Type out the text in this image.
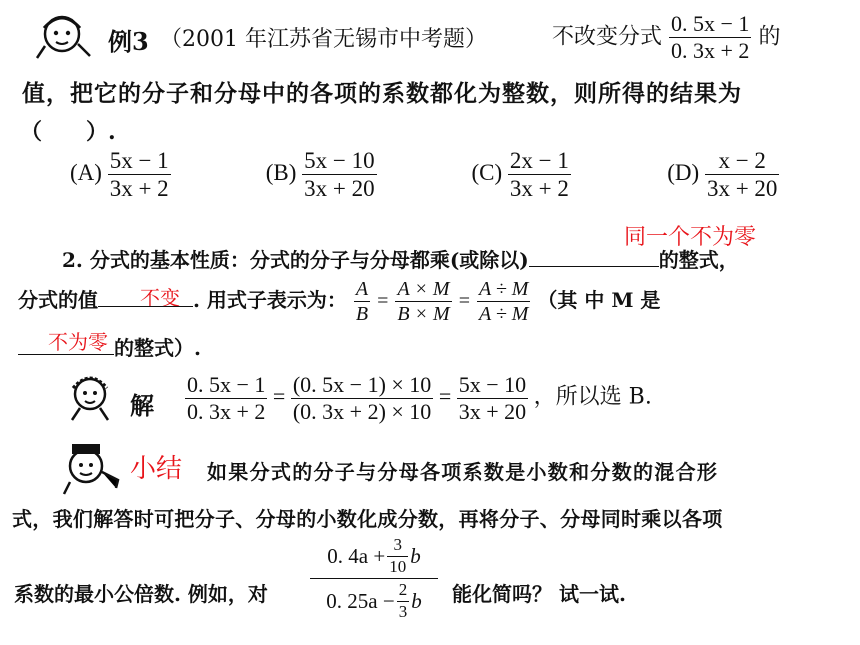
例3 （2001 年江苏省无锡市中考题）	不改变分式 $\frac{0. 5x - 1}{0. 3x + 2}$ 的
值，把它的分子和分母中的各项的系数都化为整数，则所得的结果为
（　　）.
$(A) \frac{5x - 1}{3x + 2}$	$(B) \frac{5x - 10}{3x + 20}$	$(C) \frac{2x - 1}{3x + 2}$	$(D) \frac{x - 2}{3x + 20}$
同一个不为零
2. 分式的基本性质：分式的分子与分母都乘(或除以)	的整式，
不变
分式的值	. 用式子表示为： $\frac{A}{B} = \frac{A \times M}{B \times M} = \frac{A \div M}{A \div M}$ （其 中 M 是
不为零 的整式）.
解 $\frac{0. 5x - 1}{0. 3x + 2} = \frac{(0. 5x - 1) \times 10}{(0. 3x + 2) \times 10} = \frac{5x - 10}{3x + 20}$ ，所以选 B.
小结 如果分式的分子与分母各项系数是小数和分数的混合形
式，我们解答时可把分子、分母的小数化成分数，再将分子、分母同时乘以各项
系数的最小公倍数. 例如，对
0. $4a + \frac{3}{10}$ b
0. $25a - \frac{2}{3}$ b 能化简吗？ 试一试.
